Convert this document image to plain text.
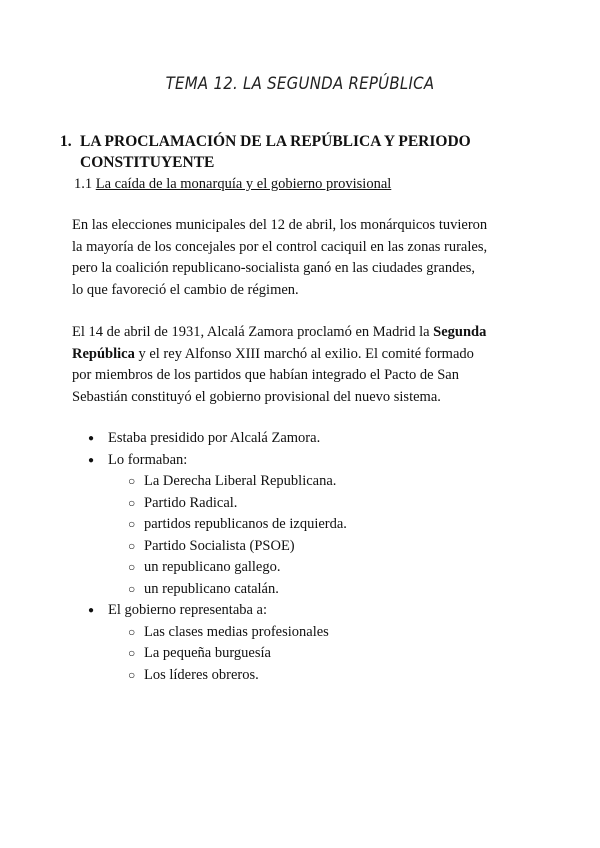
TEMA 12. LA SEGUNDA REPÚBLICA
1. LA PROCLAMACIÓN DE LA REPÚBLICA Y PERIODO
CONSTITUYENTE
1.1 La caída de la monarquía y el gobierno provisional
En las elecciones municipales del 12 de abril, los monárquicos tuvieron
la mayoría de los concejales por el control caciquil en las zonas rurales,
pero la coalición republicano-socialista ganó en las ciudades grandes,
lo que favoreció el cambio de régimen.
El 14 de abril de 1931, Alcalá Zamora proclamó en Madrid la Segunda
República y el rey Alfonso XIII marchó al exilio. El comité formado
por miembros de los partidos que habían integrado el Pacto de San
Sebastián constituyó el gobierno provisional del nuevo sistema.
● Estaba presidido por Alcalá Zamora.
● Lo formaban:
○ La Derecha Liberal Republicana.
○ Partido Radical.
○ partidos republicanos de izquierda.
○ Partido Socialista (PSOE)
○ un republicano gallego.
○ un republicano catalán.
● El gobierno representaba a:
○ Las clases medias profesionales
○ La pequeña burguesía
○ Los líderes obreros.
